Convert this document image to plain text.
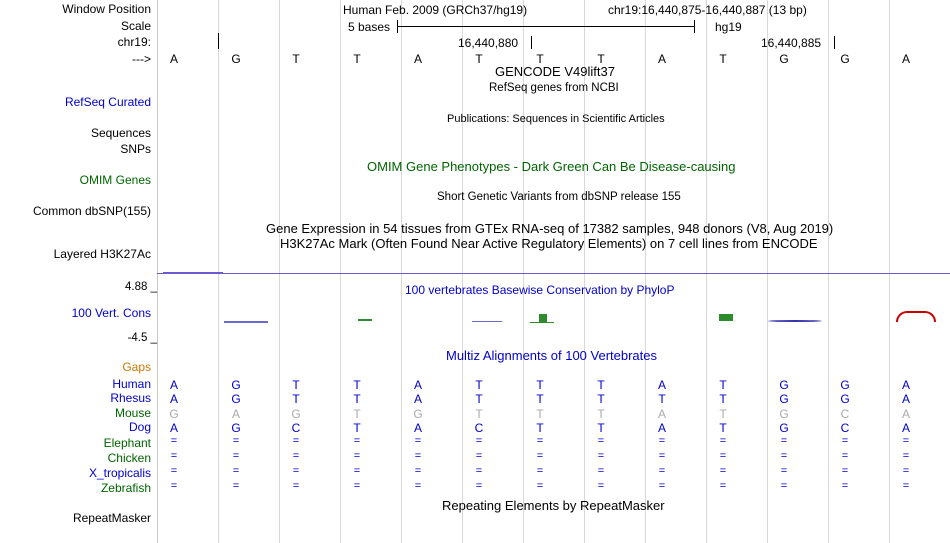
Window Position
Scale
chr19:
--->
RefSeq Curated
Sequences
SNPs
OMIM Genes
Common dbSNP(155)
Layered H3K27Ac
100 Vert. Cons
Gaps
Human
Rhesus
Mouse
Dog
Elephant
Chicken
X_tropicalis
Zebrafish
RepeatMasker
Human Feb. 2009 (GRCh37/hg19)	chr19:16,440,875-16,440,887 (13 bp)
5 bases	hg19
16,440,880	16,440,885
A	G	T	T	A	T	T	T	A	T	G	G	A
GENCODE V49lift37
RefSeq genes from NCBI
Publications: Sequences in Scientific Articles
OMIM Gene Phenotypes - Dark Green Can Be Disease-causing
Short Genetic Variants from dbSNP release 155
Gene Expression in 54 tissues from GTEx RNA-seq of 17382 samples, 948 donors (V8, Aug 2019)
H3K27Ac Mark (Often Found Near Active Regulatory Elements) on 7 cell lines from ENCODE
100 vertebrates Basewise Conservation by PhyloP
4.88 _
-4.5 _
Multiz Alignments of 100 Vertebrates
A	G	T	T	A	T	T	T	A	T	G	G	A
A	G	T	T	A	T	T	T	T	T	G	G	A
G	A	G	T	G	T	T	T	A	T	G	C	A
A	G	C	T	A	C	T	T	A	T	G	C	A
=	=	=	=	=	=	=	=	=	=	=	=	=
=	=	=	=	=	=	=	=	=	=	=	=	=
=	=	=	=	=	=	=	=	=	=	=	=	=
=	=	=	=	=	=	=	=	=	=	=	=	=
Repeating Elements by RepeatMasker
